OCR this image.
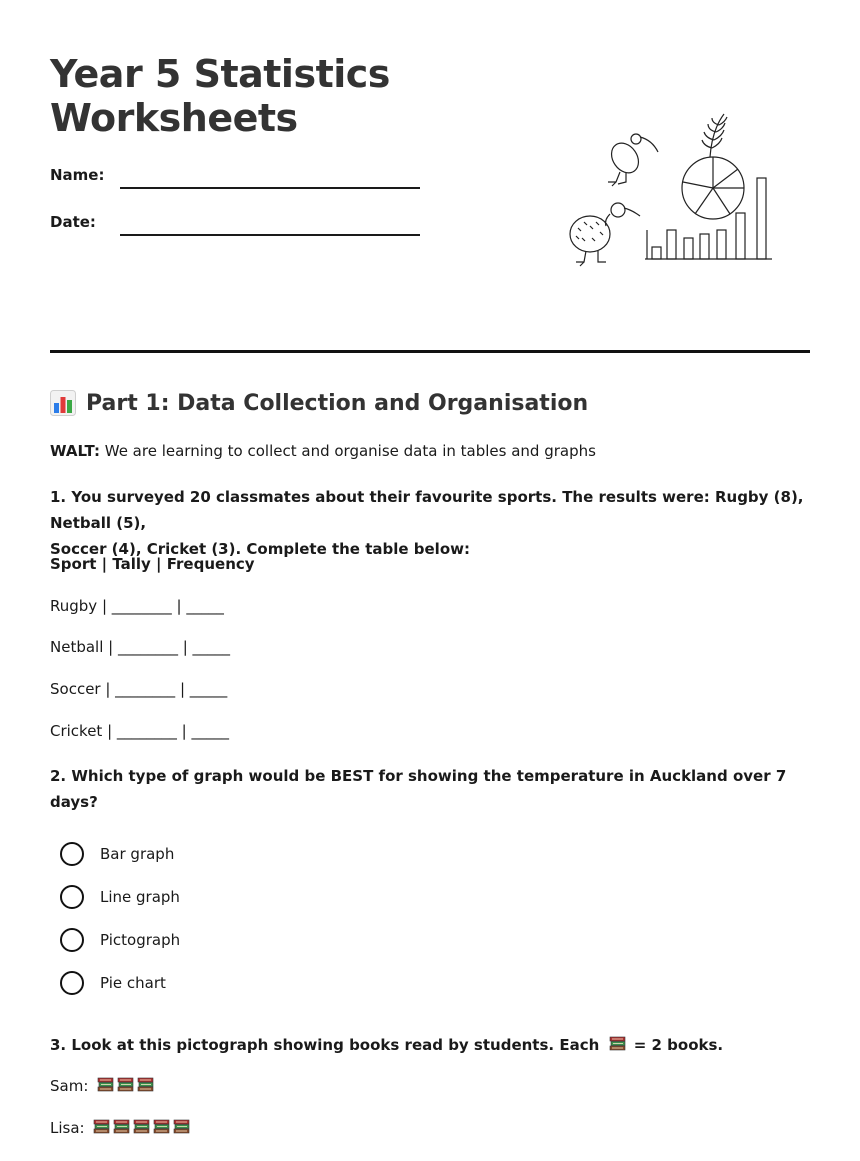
Year 5 Statistics
Worksheets
Name:
Date:
Part 1: Data Collection and Organisation

WALT: We are learning to collect and organise data in tables and graphs

1. You surveyed 20 classmates about their favourite sports. The results were: Rugby (8), Netball (5),
Soccer (4), Cricket (3). Complete the table below:

Sport | Tally | Frequency

Rugby | ________ | _____

Netball | ________ | _____

Soccer | ________ | _____

Cricket | ________ | _____

2. Which type of graph would be BEST for showing the temperature in Auckland over 7 days?

Bar graph
Line graph
Pictograph
Pie chart

3. Look at this pictograph showing books read by students. Each
= 2 books.

Sam:

Lisa:
